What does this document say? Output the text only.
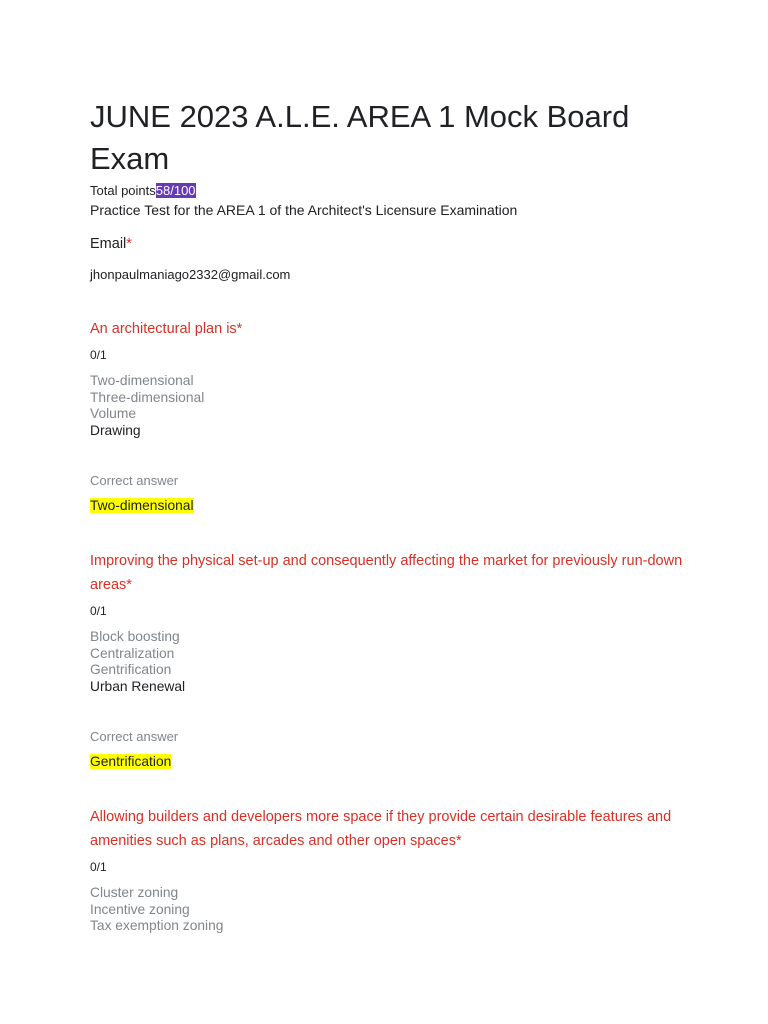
JUNE 2023 A.L.E. AREA 1 Mock Board Exam
Total points58/100
Practice Test for the AREA 1 of the Architect's Licensure Examination
Email*
jhonpaulmaniago2332@gmail.com
An architectural plan is*
0/1
Two-dimensional
Three-dimensional
Volume
Drawing
Correct answer
Two-dimensional
Improving the physical set-up and consequently affecting the market for previously run-down areas*
0/1
Block boosting
Centralization
Gentrification
Urban Renewal
Correct answer
Gentrification
Allowing builders and developers more space if they provide certain desirable features and amenities such as plans, arcades and other open spaces*
0/1
Cluster zoning
Incentive zoning
Tax exemption zoning
